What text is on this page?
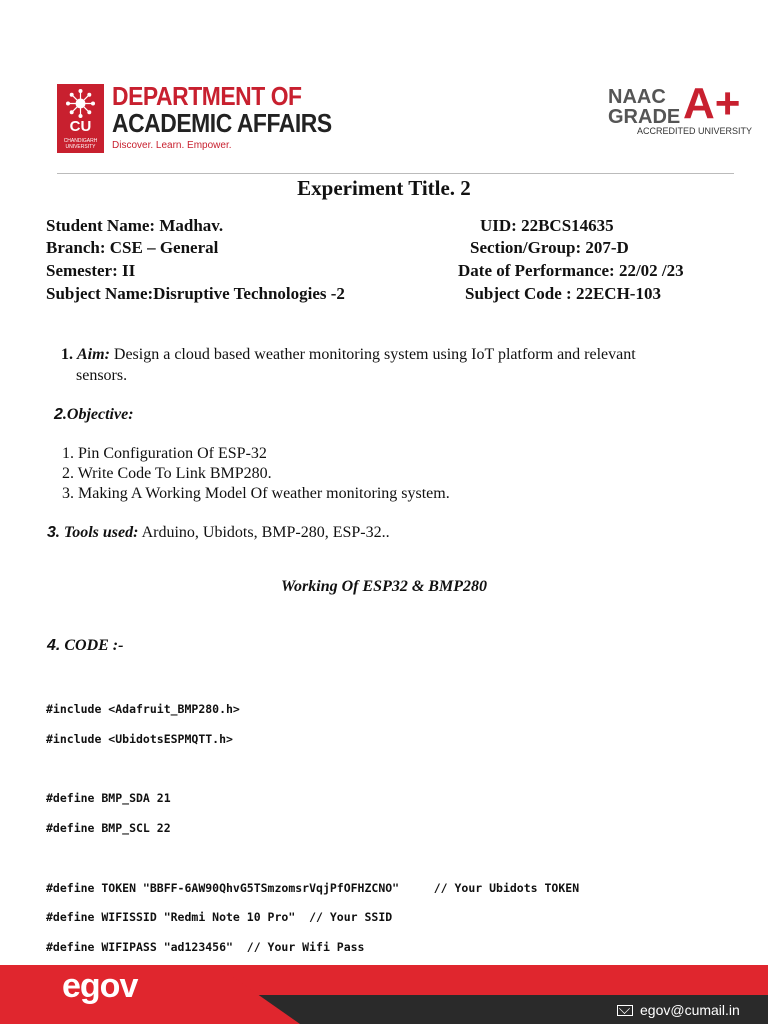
CU
CHANDIGARH UNIVERSITY
DEPARTMENT OF
ACADEMIC AFFAIRS
Discover. Learn. Empower.
NAAC
GRADE A+
ACCREDITED UNIVERSITY
Experiment Title. 2
Student Name: Madhav.	UID: 22BCS14635
Branch: CSE – General	Section/Group: 207-D
Semester: II	Date of Performance: 22/02 /23
Subject Name:Disruptive Technologies -2	Subject Code : 22ECH-103
1. Aim: Design a cloud based weather monitoring system using IoT platform and relevant
sensors.
2.Objective:
1. Pin Configuration Of ESP-32
2. Write Code To Link BMP280.
3. Making A Working Model Of weather monitoring system.
3. Tools used: Arduino, Ubidots, BMP-280, ESP-32..
Working Of ESP32 & BMP280
4. CODE :-
#include <Adafruit_BMP280.h>
#include <UbidotsESPMQTT.h>
#define BMP_SDA 21
#define BMP_SCL 22
#define TOKEN "BBFF-6AW90QhvG5TSmzomsrVqjPfOFHZCNO"     // Your Ubidots TOKEN
#define WIFISSID "Redmi Note 10 Pro"  // Your SSID
#define WIFIPASS "ad123456"  // Your Wifi Pass
egov
egov@cumail.in
